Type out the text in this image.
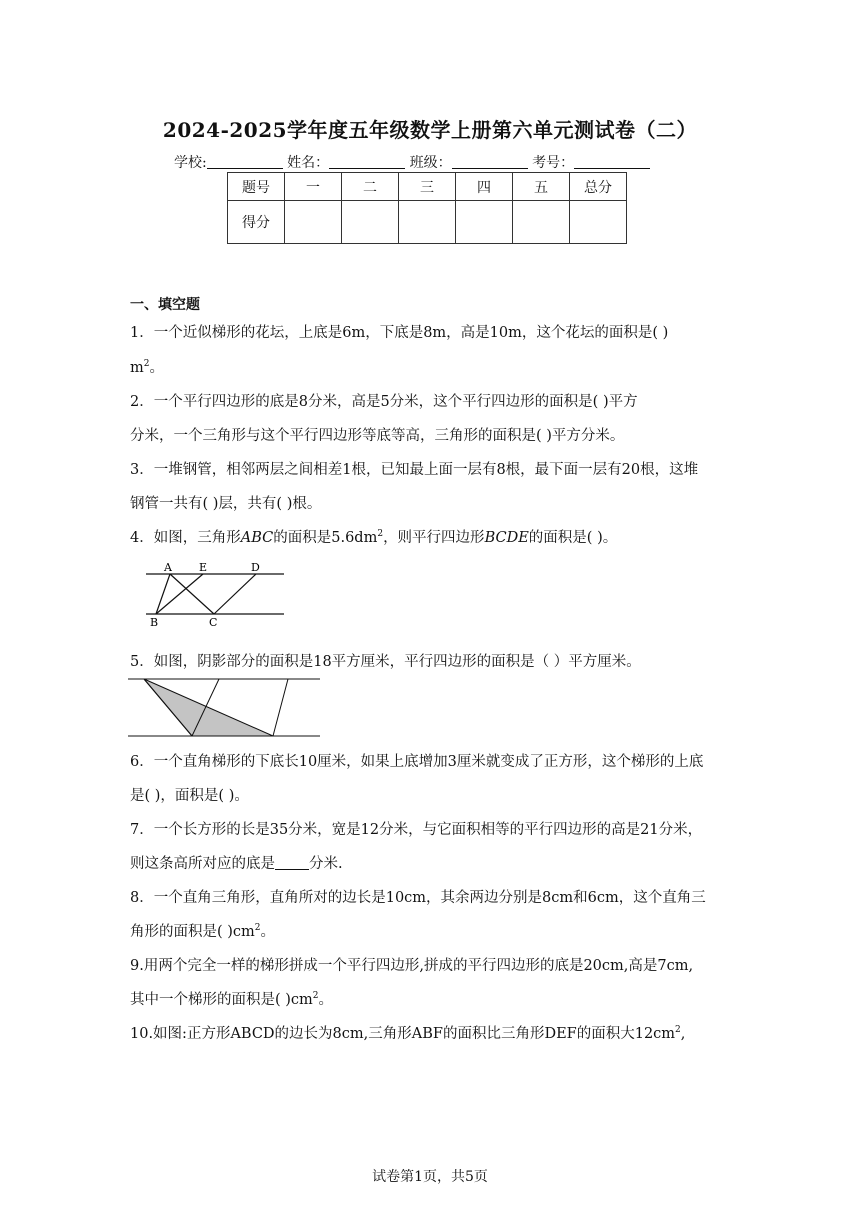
2024-2025学年度五年级数学上册第六单元测试卷（二）
学校:	姓名：	班级：	考号：
题号	一	二	三	四	五	总分
得分						
一、填空题
1．一个近似梯形的花坛，上底是6m，下底是8m，高是10m，这个花坛的面积是( )
$m^2$。
2．一个平行四边形的底是8分米，高是5分米，这个平行四边形的面积是( )平方
分米，一个三角形与这个平行四边形等底等高，三角形的面积是( )平方分米。
3．一堆钢管，相邻两层之间相差1根，已知最上面一层有8根，最下面一层有20根，这堆
钢管一共有( )层，共有( )根。
4．如图，三角形ABC的面积是$5.6dm^2$，则平行四边形BCDE的面积是( )。
A E	D
B	C
5．如图，阴影部分的面积是18平方厘米，平行四边形的面积是（ ）平方厘米。
6．一个直角梯形的下底长10厘米，如果上底增加3厘米就变成了正方形，这个梯形的上底
是( )，面积是( )。
7．一个长方形的长是35分米，宽是12分米，与它面积相等的平行四边形的高是21分米，
则这条高所对应的底是 分米.
8．一个直角三角形，直角所对的边长是10cm，其余两边分别是8cm和6cm，这个直角三
角形的面积是( )$cm^2$。
9.用两个完全一样的梯形拼成一个平行四边形,拼成的平行四边形的底是20cm,高是7cm,
其中一个梯形的面积是( )$cm^2$。
10.如图:正方形ABCD的边长为8cm,三角形ABF的面积比三角形DEF的面积大$12cm^2$,
试卷第1页，共5页
